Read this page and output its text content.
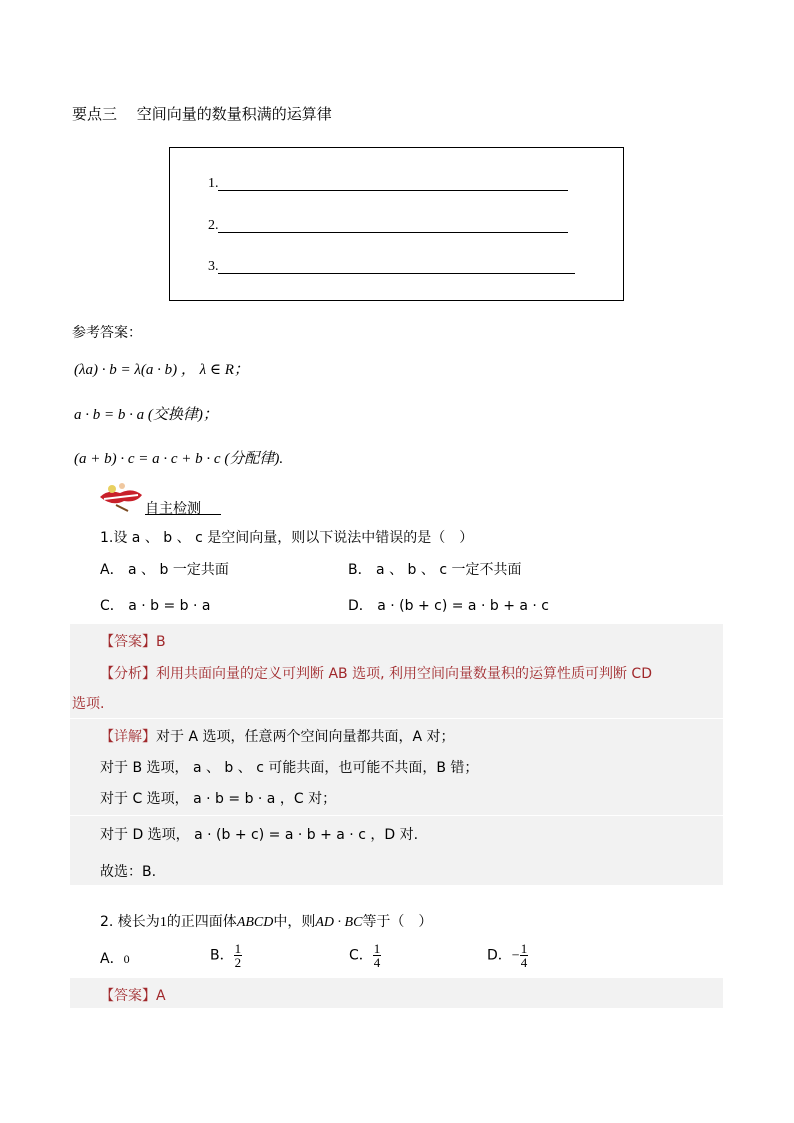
要点三　 空间向量的数量积满的运算律
1.
2.
3.
参考答案：
(λa) · b = λ(a · b) ， λ ∈ R；
a · b = b · a (交换律)；
(a + b) · c = a · c + b · c (分配律).
自主检测
1.设 a 、 b 、 c 是空间向量，则以下说法中错误的是（　）
A． a 、 b 一定共面	B． a 、 b 、 c 一定不共面
C． a · b = b · a	D． a · (b + c) = a · b + a · c
【答案】B
【分析】利用共面向量的定义可判断 AB 选项, 利用空间向量数量积的运算性质可判断 CD
选项.
【详解】对于 A 选项，任意两个空间向量都共面，A 对；
对于 B 选项， a 、 b 、 c 可能共面，也可能不共面，B 错；
对于 C 选项， a · b = b · a ，C 对；
对于 D 选项， a · (b + c) = a · b + a · c ，D 对.
故选：B.
2. 棱长为1的正四面体ABCD中，则AD · BC等于（　）
A．0	B． $\frac{1}{2}$	C． $\frac{1}{4}$	D．− $\frac{1}{4}$
【答案】A
